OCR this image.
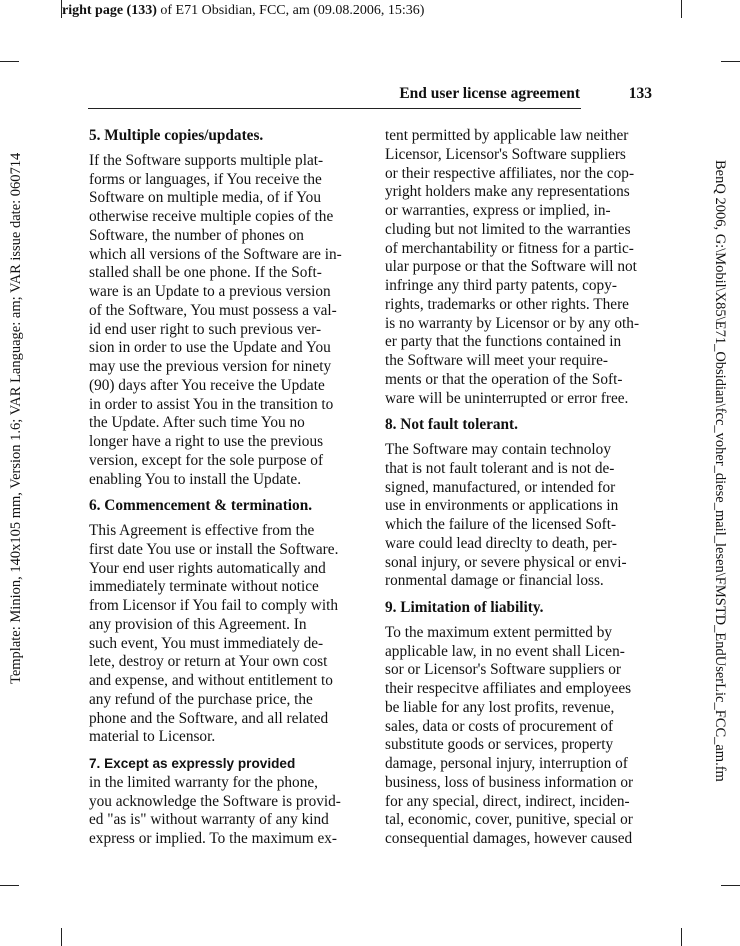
right page (133) of E71 Obsidian, FCC, am (09.08.2006, 15:36)
Template: Minion, 140x105 mm, Version 1.6; VAR Language: am; VAR issue date: 060714	BenQ 2006, G:\Mobil\X85\E71_Obsidian\fcc_voher_diese_mail_lesen\FMSTD_EndUserLic_FCC_am.fm
End user license agreement	133
5. Multiple copies/updates.
If the Software supports multiple plat-
forms or languages, if You receive the
Software on multiple media, of if You
otherwise receive multiple copies of the
Software, the number of phones on
which all versions of the Software are in-
stalled shall be one phone. If the Soft-
ware is an Update to a previous version
of the Software, You must possess a val-
id end user right to such previous ver-
sion in order to use the Update and You
may use the previous version for ninety
(90) days after You receive the Update
in order to assist You in the transition to
the Update. After such time You no
longer have a right to use the previous
version, except for the sole purpose of
enabling You to install the Update.
6. Commencement & termination.
This Agreement is effective from the
first date You use or install the Software.
Your end user rights automatically and
immediately terminate without notice
from Licensor if You fail to comply with
any provision of this Agreement. In
such event, You must immediately de-
lete, destroy or return at Your own cost
and expense, and without entitlement to
any refund of the purchase price, the
phone and the Software, and all related
material to Licensor.
7. Except as expressly provided
in the limited warranty for the phone,
you acknowledge the Software is provid-
ed "as is" without warranty of any kind
express or implied. To the maximum ex-
tent permitted by applicable law neither
Licensor, Licensor's Software suppliers
or their respective affiliates, nor the cop-
yright holders make any representations
or warranties, express or implied, in-
cluding but not limited to the warranties
of merchantability or fitness for a partic-
ular purpose or that the Software will not
infringe any third party patents, copy-
rights, trademarks or other rights. There
is no warranty by Licensor or by any oth-
er party that the functions contained in
the Software will meet your require-
ments or that the operation of the Soft-
ware will be uninterrupted or error free.
8. Not fault tolerant.
The Software may contain technoloy
that is not fault tolerant and is not de-
signed, manufactured, or intended for
use in environments or applications in
which the failure of the licensed Soft-
ware could lead direclty to death, per-
sonal injury, or severe physical or envi-
ronmental damage or financial loss.
9. Limitation of liability.
To the maximum extent permitted by
applicable law, in no event shall Licen-
sor or Licensor's Software suppliers or
their respecitve affiliates and employees
be liable for any lost profits, revenue,
sales, data or costs of procurement of
substitute goods or services, property
damage, personal injury, interruption of
business, loss of business information or
for any special, direct, indirect, inciden-
tal, economic, cover, punitive, special or
consequential damages, however caused
